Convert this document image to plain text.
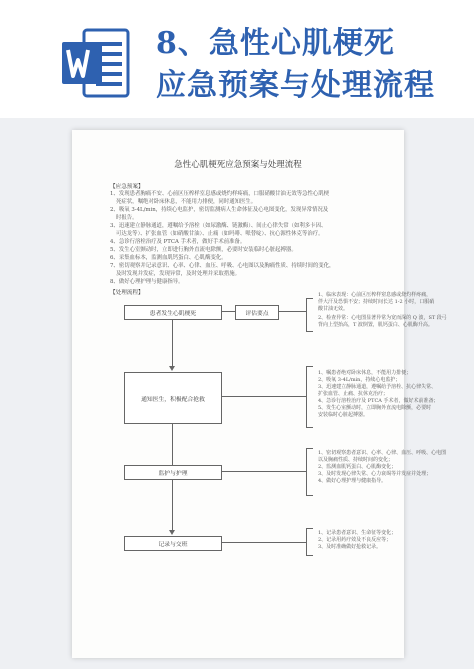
8、急性心肌梗死
应急预案与处理流程
急性心肌梗死应急预案与处理流程
【应急预案】
1、发现患者胸痛不安、心前区压榨样室息感或烧灼样疼痛，口服硝酸甘油无效等急性心肌梗
死症状，嘱绝对卧床休息，不能用力排便，同时通知医生。
2、吸氧 3-4L/min，持续心电监护，密切监测病人生命体征及心电图变化，发现异常情况及
时报告。
3、迅速建立静脉通道，遵嘱给予溶栓（如尿激酶、链激酶）、间止心律失常（如利多卡因、
可达龙等）、扩张血管（如硝酸甘油）、止痛（如吗啡、哌替啶）、抗心源性休克等治疗。
4、急诊行溶栓治疗及 PTCA 手术者，做好手术前准备。
5、发生心室颤动时，立即进行胸外直流电除颤，必要时安装临时心脏起搏器。
6、采集血标本，监测血肌钙蛋白、心肌酶变化。
7、密切观察并记录意识、心率、心律、血压、呼吸、心电图以及胸痛性质、持续时间的变化，
及时发现并发症，发现异常，及时处理并采取措施。
8、做好心理护理与健康指导。
【处理流程】
患者发生心肌梗死	评估要点
通知医生，积极配合抢救
监护与护理
记录与交班
1、临床表现：心前区压榨样窒息感或烧灼样疼痛，
伴大汗及恐惧不安；持续时间长达 1-2 小时，口服硝
酸甘油无效。
2、检查异常：心电图显著异常为宽而深的 Q 波，ST 段弓
背向上型抬高，T 波倒置，肌钙蛋白、心肌酶升高。
1、嘱患者绝对卧床休息，不能用力排便；
2、吸氧 3-4L/min，持续心电监护；
3、迅速建立静脉通道，遵嘱给予溶栓、抗心律失常、
扩张血管、止痛、抗休克治疗；
4、急诊行溶栓治疗及 PTCA 手术者，做好术前准备；
5、发生心室颤动时，立即胸外直流电除颤，必要时
安装临时心脏起搏器。
1、密切观察患者意识、心率、心律、血压、呼吸、心电图
以及胸痛性质、持续时间的变化；
2、监测血肌钙蛋白、心肌酶变化；
3、及时发现心律失常、心力衰竭等并发症并处理；
4、做好心理护理与健康指导。
1、记录患者意识、生命征等变化；
2、记录用药疗效及不良反应等；
3、及时准确做好抢救记录。
